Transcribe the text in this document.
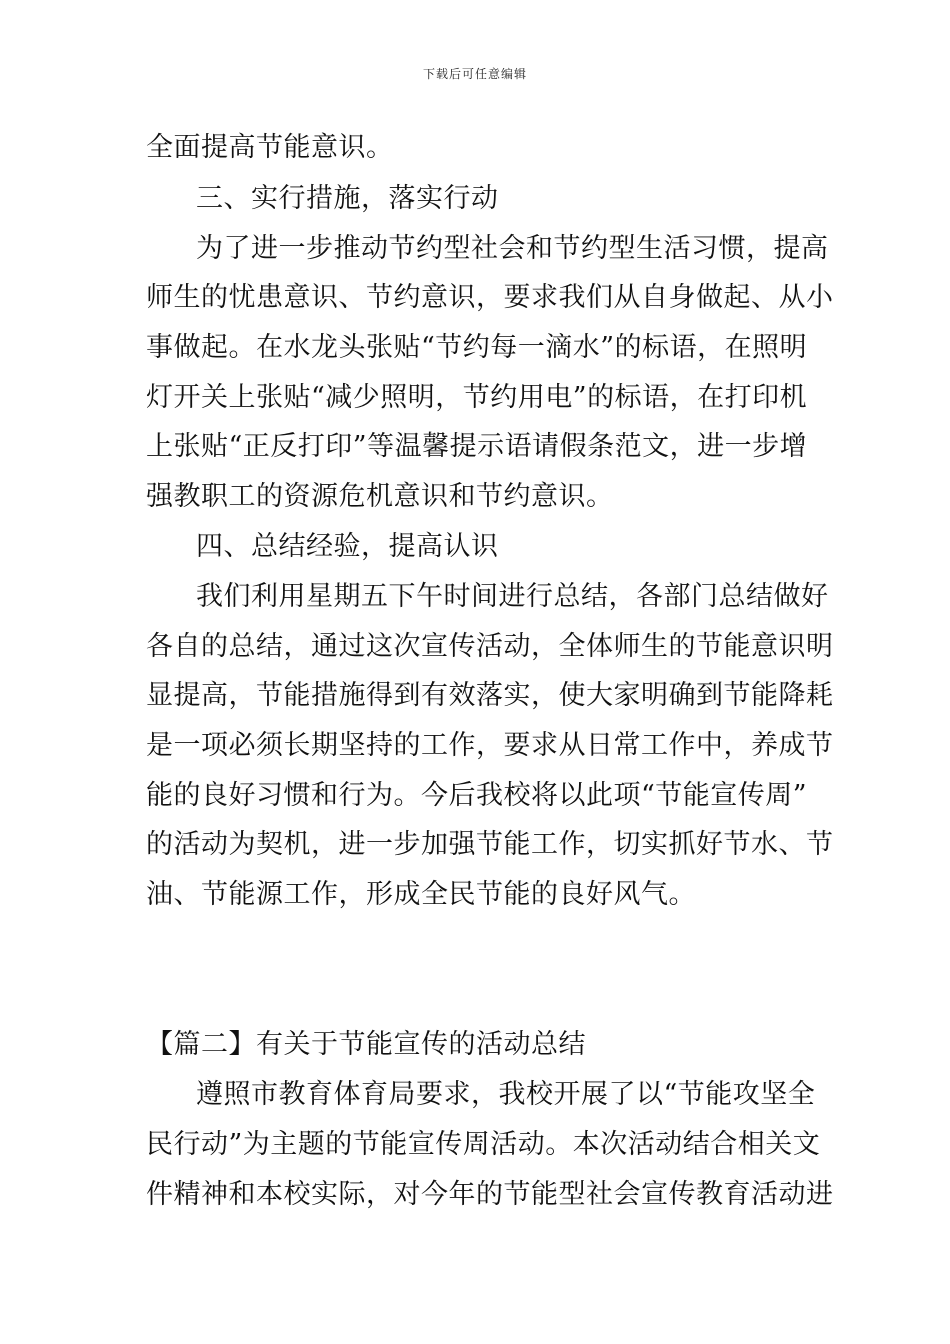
下载后可任意编辑
全面提高节能意识。
三、实行措施，落实行动
为了进一步推动节约型社会和节约型生活习惯，提高
师生的忧患意识、节约意识，要求我们从自身做起、从小
事做起。在水龙头张贴“节约每一滴水”的标语，在照明
灯开关上张贴“减少照明，节约用电”的标语，在打印机
上张贴“正反打印”等温馨提示语请假条范文，进一步增
强教职工的资源危机意识和节约意识。
四、总结经验，提高认识
我们利用星期五下午时间进行总结，各部门总结做好
各自的总结，通过这次宣传活动，全体师生的节能意识明
显提高，节能措施得到有效落实，使大家明确到节能降耗
是一项必须长期坚持的工作，要求从日常工作中，养成节
能的良好习惯和行为。今后我校将以此项“节能宣传周”
的活动为契机，进一步加强节能工作，切实抓好节水、节
油、节能源工作，形成全民节能的良好风气。
【篇二】有关于节能宣传的活动总结
遵照市教育体育局要求，我校开展了以“节能攻坚全
民行动”为主题的节能宣传周活动。本次活动结合相关文
件精神和本校实际，对今年的节能型社会宣传教育活动进
